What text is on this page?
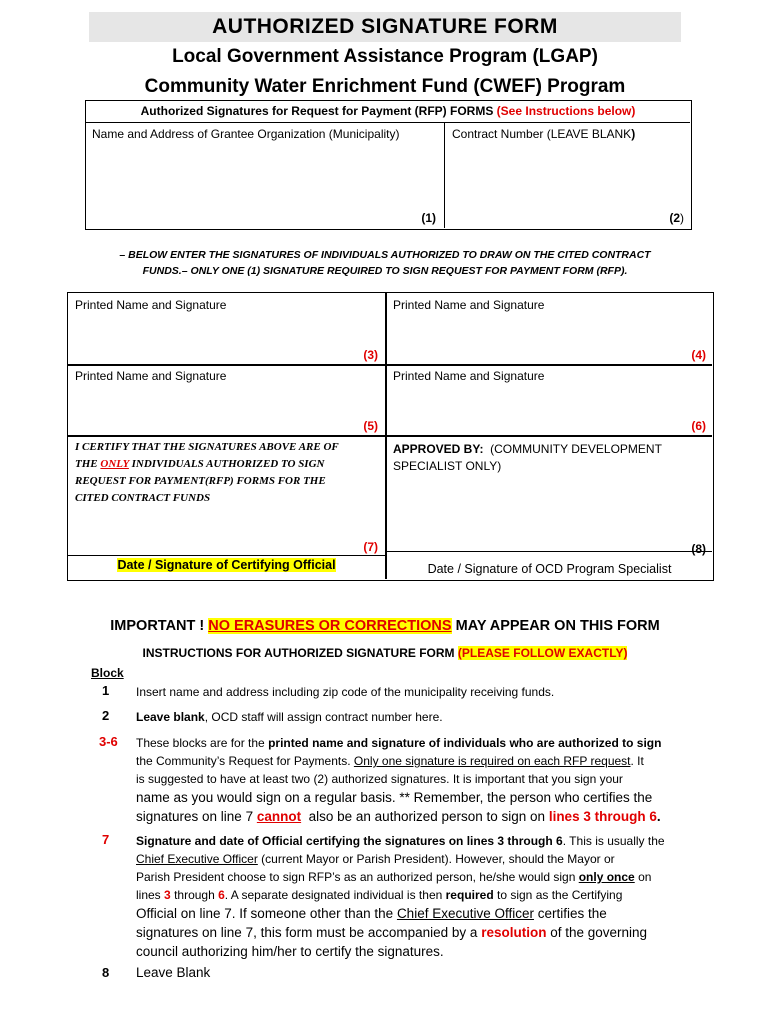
AUTHORIZED SIGNATURE FORM
Local Government Assistance Program (LGAP)
Community Water Enrichment Fund (CWEF) Program
Authorized Signatures for Request for Payment (RFP) FORMS (See Instructions below)
Name and Address of Grantee Organization (Municipality)
(1)
Contract Number (LEAVE BLANK)
(2)
– BELOW ENTER THE SIGNATURES OF INDIVIDUALS AUTHORIZED TO DRAW ON THE CITED CONTRACT
FUNDS.– ONLY ONE (1) SIGNATURE REQUIRED TO SIGN REQUEST FOR PAYMENT FORM (RFP).
Printed Name and Signature
(3)
Printed Name and Signature
(4)
Printed Name and Signature
(5)
Printed Name and Signature
(6)
I CERTIFY THAT THE SIGNATURES ABOVE ARE OF
THE ONLY INDIVIDUALS AUTHORIZED TO SIGN
REQUEST FOR PAYMENT(RFP) FORMS FOR THE
CITED CONTRACT FUNDS
(7)
Date / Signature of Certifying Official
APPROVED BY: (COMMUNITY DEVELOPMENT
SPECIALIST ONLY)
(8)
Date / Signature of OCD Program Specialist
IMPORTANT ! NO ERASURES OR CORRECTIONS MAY APPEAR ON THIS FORM
INSTRUCTIONS FOR AUTHORIZED SIGNATURE FORM (PLEASE FOLLOW EXACTLY)
Block
1 Insert name and address including zip code of the municipality receiving funds.
2 Leave blank, OCD staff will assign contract number here.
3-6 These blocks are for the printed name and signature of individuals who are authorized to sign
the Community’s Request for Payments. Only one signature is required on each RFP request. It
is suggested to have at least two (2) authorized signatures. It is important that you sign your
name as you would sign on a regular basis. ** Remember, the person who certifies the
signatures on line 7 cannot also be an authorized person to sign on lines 3 through 6.
7 Signature and date of Official certifying the signatures on lines 3 through 6. This is usually the
Chief Executive Officer (current Mayor or Parish President). However, should the Mayor or
Parish President choose to sign RFP’s as an authorized person, he/she would sign only once on
lines 3 through 6. A separate designated individual is then required to sign as the Certifying
Official on line 7. If someone other than the Chief Executive Officer certifies the
signatures on line 7, this form must be accompanied by a resolution of the governing
council authorizing him/her to certify the signatures.
8 Leave Blank
